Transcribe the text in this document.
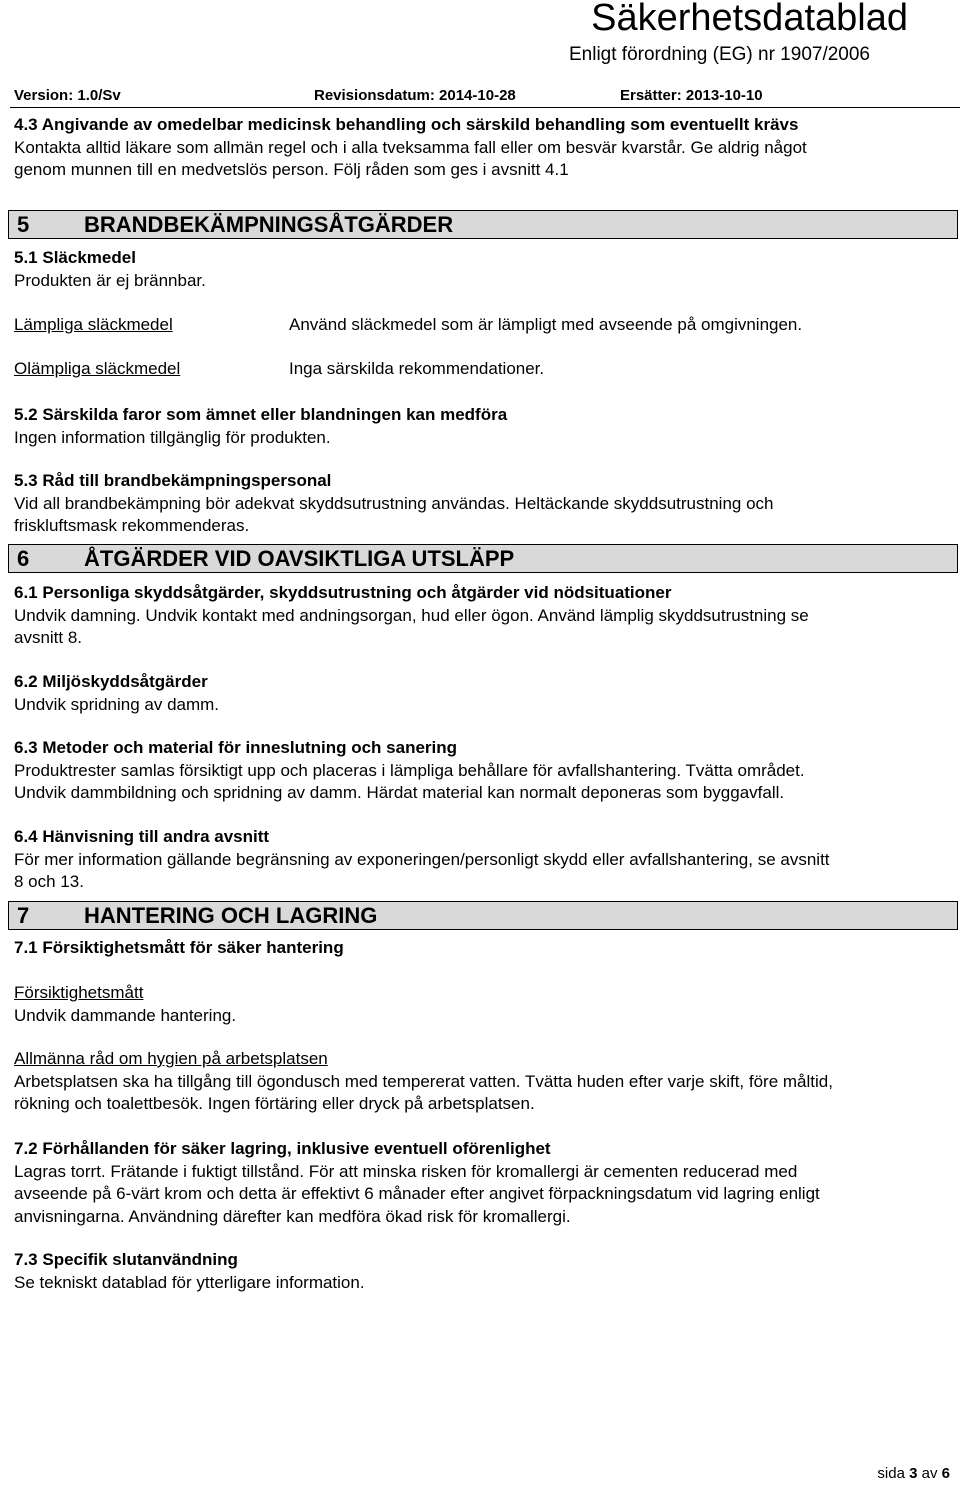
Säkerhetsdatablad
Enligt förordning (EG) nr 1907/2006
Version: 1.0/Sv	Revisionsdatum: 2014-10-28	Ersätter: 2013-10-10

4.3 Angivande av omedelbar medicinsk behandling och särskild behandling som eventuellt krävs

Kontakta alltid läkare som allmän regel och i alla tveksamma fall eller om besvär kvarstår. Ge aldrig något

genom munnen till en medvetslös person. Följ råden som ges i avsnitt 4.1

5 BRANDBEKÄMPNINGSÅTGÄRDER

5.1 Släckmedel

Produkten är ej brännbar.

Lämpliga släckmedel	Använd släckmedel som är lämpligt med avseende på omgivningen.
Olämpliga släckmedel	Inga särskilda rekommendationer.

5.2 Särskilda faror som ämnet eller blandningen kan medföra

Ingen information tillgänglig för produkten.

5.3 Råd till brandbekämpningspersonal

Vid all brandbekämpning bör adekvat skyddsutrustning användas. Heltäckande skyddsutrustning och

friskluftsmask rekommenderas.

6 ÅTGÄRDER VID OAVSIKTLIGA UTSLÄPP

6.1 Personliga skyddsåtgärder, skyddsutrustning och åtgärder vid nödsituationer

Undvik damning. Undvik kontakt med andningsorgan, hud eller ögon. Använd lämplig skyddsutrustning se

avsnitt 8.

6.2 Miljöskyddsåtgärder

Undvik spridning av damm.

6.3 Metoder och material för inneslutning och sanering

Produktrester samlas försiktigt upp och placeras i lämpliga behållare för avfallshantering. Tvätta området.

Undvik dammbildning och spridning av damm. Härdat material kan normalt deponeras som byggavfall.

6.4 Hänvisning till andra avsnitt

För mer information gällande begränsning av exponeringen/personligt skydd eller avfallshantering, se avsnitt

8 och 13.

7 HANTERING OCH LAGRING

7.1 Försiktighetsmått för säker hantering

Försiktighetsmått

Undvik dammande hantering.

Allmänna råd om hygien på arbetsplatsen

Arbetsplatsen ska ha tillgång till ögondusch med tempererat vatten. Tvätta huden efter varje skift, före måltid,

rökning och toalettbesök. Ingen förtäring eller dryck på arbetsplatsen.

7.2 Förhållanden för säker lagring, inklusive eventuell oförenlighet

Lagras torrt. Frätande i fuktigt tillstånd. För att minska risken för kromallergi är cementen reducerad med

avseende på 6-värt krom och detta är effektivt 6 månader efter angivet förpackningsdatum vid lagring enligt

anvisningarna. Användning därefter kan medföra ökad risk för kromallergi.

7.3 Specifik slutanvändning

Se tekniskt datablad för ytterligare information.

sida 3 av 6
